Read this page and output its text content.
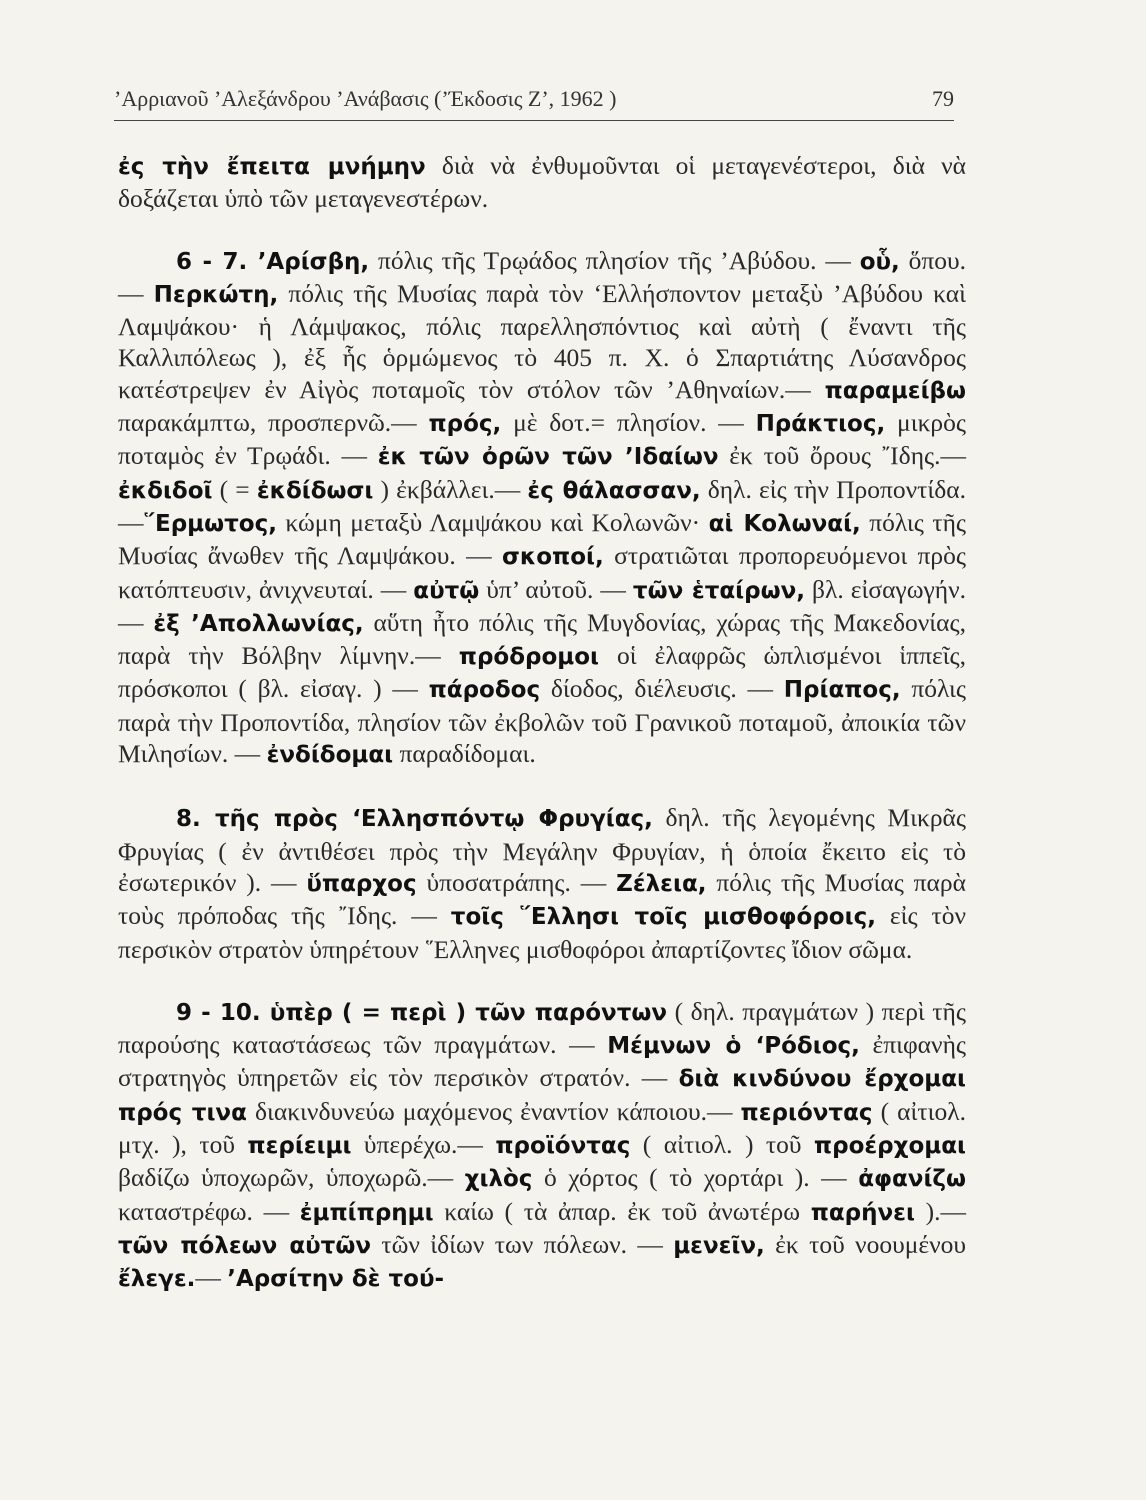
’Αρριανοῦ ’Αλεξάνδρου ’Ανάβασις (’Έκδοσις Ζ’, 1962 )	79

ἐς τὴν ἔπειτα μνήμην διὰ νὰ ἐνθυμοῦνται οἱ μεταγενέστεροι, διὰ νὰ δοξάζεται ὑπὸ τῶν μεταγενεστέρων.

6 - 7. ’Αρίσβη, πόλις τῆς Τρῳάδος πλησίον τῆς ’Αβύδου. — οὗ, ὅπου. — Περκώτη, πόλις τῆς Μυσίας παρὰ τὸν ‘Ελλήσποντον μεταξὺ ’Αβύδου καὶ Λαμψάκου· ἡ Λάμψακος, πόλις παρελλησπόντιος καὶ αὐτὴ ( ἔναντι τῆς Καλλιπόλεως ), ἐξ ἧς ὁρμώμενος τὸ 405 π. Χ. ὁ Σπαρτιάτης Λύσανδρος κατέστρεψεν ἐν Αἰγὸς ποταμοῖς τὸν στόλον τῶν ’Αθηναίων.— παραμείβω παρακάμπτω, προσπερνῶ.— πρός, μὲ δοτ.= πλησίον. — Πράκτιος, μικρὸς ποταμὸς ἐν Τρῳάδι. — ἐκ τῶν ὀρῶν τῶν ’Ιδαίων ἐκ τοῦ ὄρους ῎Ιδης.— ἐκδιδοῖ ( = ἐκδίδωσι ) ἐκβάλλει.— ἐς θάλασσαν, δηλ. εἰς τὴν Προποντίδα. —῞Ερμωτος, κώμη μεταξὺ Λαμψάκου καὶ Κολωνῶν· αἱ Κολωναί, πόλις τῆς Μυσίας ἄνωθεν τῆς Λαμψάκου. — σκοποί, στρατιῶται προπορευόμενοι πρὸς κατόπτευσιν, ἀνιχνευταί. — αὐτῷ ὑπ’ αὐτοῦ. — τῶν ἑταίρων, βλ. εἰσαγωγήν. — ἐξ ’Απολλωνίας, αὕτη ἦτο πόλις τῆς Μυγδονίας, χώρας τῆς Μακεδονίας, παρὰ τὴν Βόλβην λίμνην.— πρόδρομοι οἱ ἐλαφρῶς ὡπλισμένοι ἱππεῖς, πρόσκοποι ( βλ. εἰσαγ. ) — πάροδος δίοδος, διέλευσις. — Πρίαπος, πόλις παρὰ τὴν Προποντίδα, πλησίον τῶν ἐκβολῶν τοῦ Γρανικοῦ ποταμοῦ, ἀποικία τῶν Μιλησίων. — ἐνδίδομαι παραδίδομαι.

8. τῆς πρὸς ‘Ελλησπόντῳ Φρυγίας, δηλ. τῆς λεγομένης Μικρᾶς Φρυγίας ( ἐν ἀντιθέσει πρὸς τὴν Μεγάλην Φρυγίαν, ἡ ὁποία ἔκειτο εἰς τὸ ἐσωτερικόν ). — ὕπαρχος ὑποσατράπης. — Ζέλεια, πόλις τῆς Μυσίας παρὰ τοὺς πρόποδας τῆς ῎Ιδης. — τοῖς ῞Ελλησι τοῖς μισθοφόροις, εἰς τὸν περσικὸν στρατὸν ὑπηρέτουν ῞Ελληνες μισθοφόροι ἀπαρτίζοντες ἴδιον σῶμα.

9 - 10. ὑπὲρ ( = περὶ ) τῶν παρόντων ( δηλ. πραγμάτων ) περὶ τῆς παρούσης καταστάσεως τῶν πραγμάτων. — Μέμνων ὁ ‘Ρόδιος, ἐπιφανὴς στρατηγὸς ὑπηρετῶν εἰς τὸν περσικὸν στρατόν. — διὰ κινδύνου ἔρχομαι πρός τινα διακινδυνεύω μαχόμενος ἐναντίον κάποιου.— περιόντας ( αἰτιολ. μτχ. ), τοῦ περίειμι ὑπερέχω.— προϊόντας ( αἰτιολ. ) τοῦ προέρχομαι βαδίζω ὑποχωρῶν, ὑποχωρῶ.— χιλὸς ὁ χόρτος ( τὸ χορτάρι ). — ἀφανίζω καταστρέφω. — ἐμπίπρημι καίω ( τὰ ἀπαρ. ἐκ τοῦ ἀνωτέρω παρήνει ).— τῶν πόλεων αὐτῶν τῶν ἰδίων των πόλεων. — μενεῖν, ἐκ τοῦ νοουμένου ἔλεγε.— ’Αρσίτην δὲ τού-
